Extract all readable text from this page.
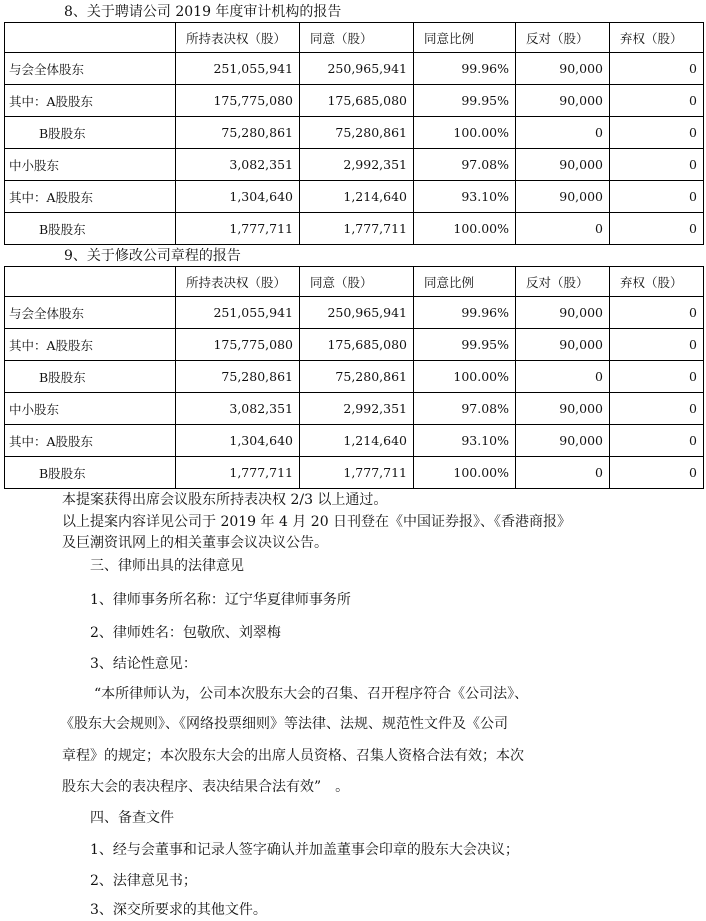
8、关于聘请公司 2019 年度审计机构的报告
	所持表决权（股）	同意（股）	同意比例	反对（股）	弃权（股）
与会全体股东	251,055,941	250,965,941	99.96%	90,000	0
其中：A股股东	175,775,080	175,685,080	99.95%	90,000	0
B股股东	75,280,861	75,280,861	100.00%	0	0
中小股东	3,082,351	2,992,351	97.08%	90,000	0
其中：A股股东	1,304,640	1,214,640	93.10%	90,000	0
B股股东	1,777,711	1,777,711	100.00%	0	0
9、关于修改公司章程的报告
	所持表决权（股）	同意（股）	同意比例	反对（股）	弃权（股）
与会全体股东	251,055,941	250,965,941	99.96%	90,000	0
其中：A股股东	175,775,080	175,685,080	99.95%	90,000	0
B股股东	75,280,861	75,280,861	100.00%	0	0
中小股东	3,082,351	2,992,351	97.08%	90,000	0
其中：A股股东	1,304,640	1,214,640	93.10%	90,000	0
B股股东	1,777,711	1,777,711	100.00%	0	0
本提案获得出席会议股东所持表决权 2/3 以上通过。
以上提案内容详见公司于 2019 年 4 月 20 日刊登在《中国证券报》、《香港商报》
及巨潮资讯网上的相关董事会议决议公告。
三、律师出具的法律意见
1、律师事务所名称：辽宁华夏律师事务所
2、律师姓名：包敬欣、刘翠梅
3、结论性意见：
“本所律师认为，公司本次股东大会的召集、召开程序符合《公司法》、
《股东大会规则》、《网络投票细则》等法律、法规、规范性文件及《公司
章程》的规定；本次股东大会的出席人员资格、召集人资格合法有效；本次
股东大会的表决程序、表决结果合法有效”　。
四、备查文件
1、经与会董事和记录人签字确认并加盖董事会印章的股东大会决议；
2、法律意见书；
3、深交所要求的其他文件。
